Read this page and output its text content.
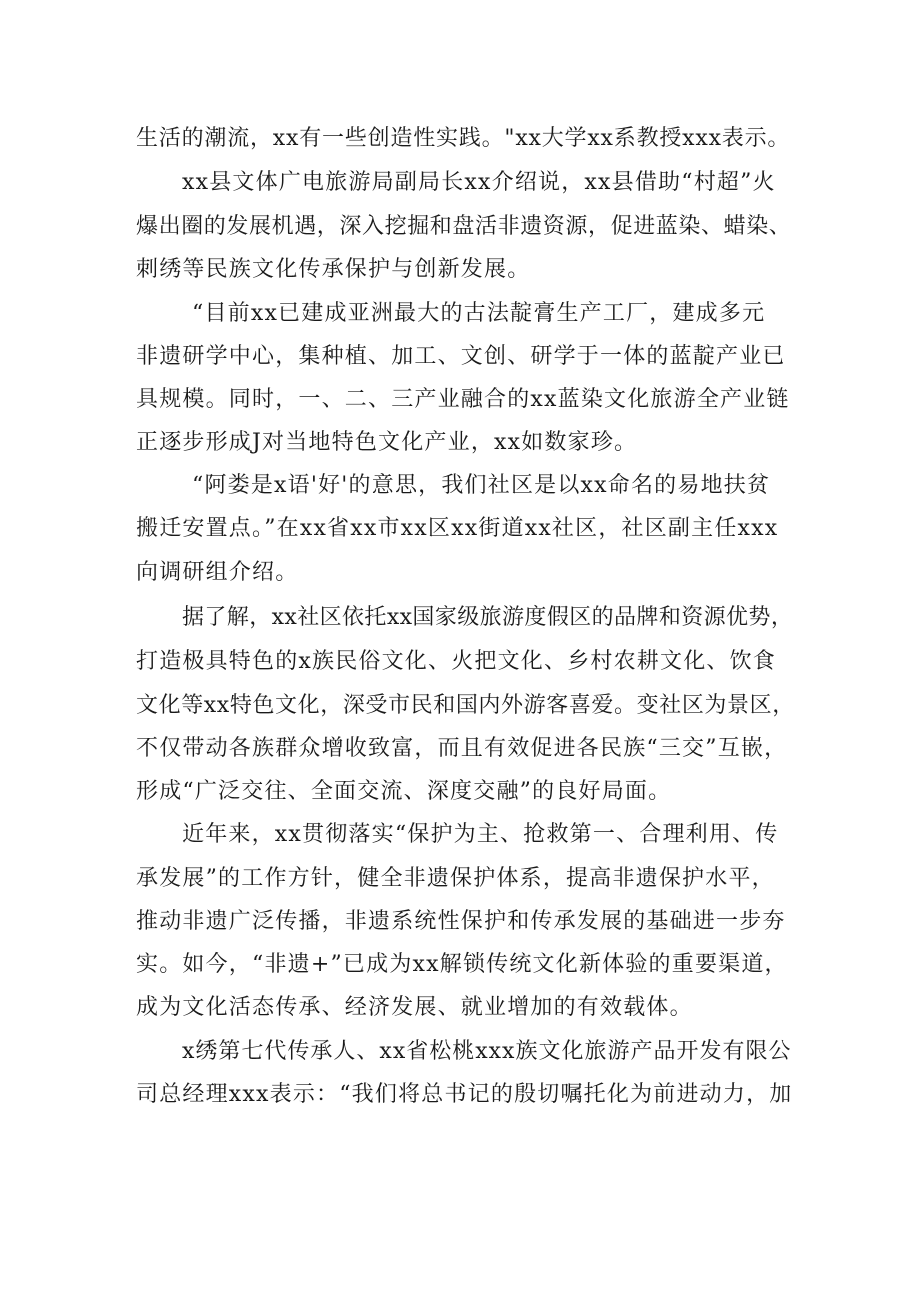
生活的潮流，xx有一些创造性实践。"xx大学xx系教授xxx表示。
xx县文体广电旅游局副局长xx介绍说，xx县借助“村超”火
爆出圈的发展机遇，深入挖掘和盘活非遗资源，促进蓝染、蜡染、
刺绣等民族文化传承保护与创新发展。
“目前xx已建成亚洲最大的古法靛膏生产工厂，建成多元
非遗研学中心，集种植、加工、文创、研学于一体的蓝靛产业已
具规模。同时，一、二、三产业融合的xx蓝染文化旅游全产业链
正逐步形成J对当地特色文化产业，xx如数家珍。
“阿娄是x语'好'的意思，我们社区是以xx命名的易地扶贫
搬迁安置点。”在xx省xx市xx区xx街道xx社区，社区副主任xxx
向调研组介绍。
据了解，xx社区依托xx国家级旅游度假区的品牌和资源优势，
打造极具特色的x族民俗文化、火把文化、乡村农耕文化、饮食
文化等xx特色文化，深受市民和国内外游客喜爱。变社区为景区，
不仅带动各族群众增收致富，而且有效促进各民族“三交”互嵌，
形成“广泛交往、全面交流、深度交融”的良好局面。
近年来，xx贯彻落实“保护为主、抢救第一、合理利用、传
承发展”的工作方针，健全非遗保护体系，提高非遗保护水平，
推动非遗广泛传播，非遗系统性保护和传承发展的基础进一步夯
实。如今，“非遗+”已成为xx解锁传统文化新体验的重要渠道，
成为文化活态传承、经济发展、就业增加的有效载体。
x绣第七代传承人、xx省松桃xxx族文化旅游产品开发有限公
司总经理xxx表示：“我们将总书记的殷切嘱托化为前进动力，加
